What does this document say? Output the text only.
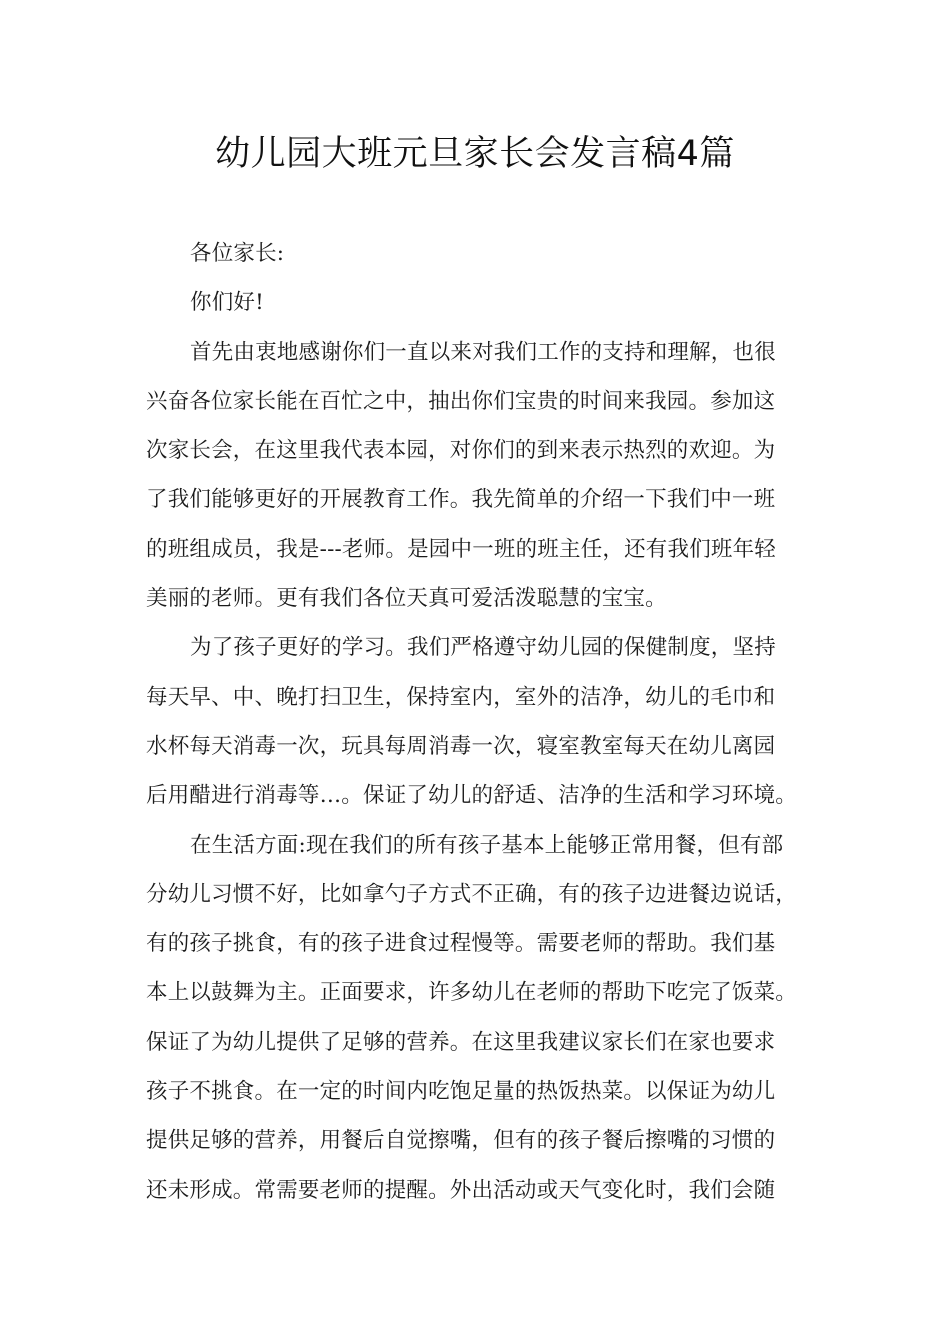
幼儿园大班元旦家长会发言稿4篇

各位家长:

你们好!

首先由衷地感谢你们一直以来对我们工作的支持和理解，也很
兴奋各位家长能在百忙之中，抽出你们宝贵的时间来我园。参加这
次家长会，在这里我代表本园，对你们的到来表示热烈的欢迎。为
了我们能够更好的开展教育工作。我先简单的介绍一下我们中一班
的班组成员，我是---老师。是园中一班的班主任，还有我们班年轻
美丽的老师。更有我们各位天真可爱活泼聪慧的宝宝。

为了孩子更好的学习。我们严格遵守幼儿园的保健制度，坚持
每天早、中、晚打扫卫生，保持室内，室外的洁净，幼儿的毛巾和
水杯每天消毒一次，玩具每周消毒一次，寝室教室每天在幼儿离园
后用醋进行消毒等…。保证了幼儿的舒适、洁净的生活和学习环境。

在生活方面:现在我们的所有孩子基本上能够正常用餐，但有部
分幼儿习惯不好，比如拿勺子方式不正确，有的孩子边进餐边说话，
有的孩子挑食，有的孩子进食过程慢等。需要老师的帮助。我们基
本上以鼓舞为主。正面要求，许多幼儿在老师的帮助下吃完了饭菜。
保证了为幼儿提供了足够的营养。在这里我建议家长们在家也要求
孩子不挑食。在一定的时间内吃饱足量的热饭热菜。以保证为幼儿
提供足够的营养，用餐后自觉擦嘴，但有的孩子餐后擦嘴的习惯的
还未形成。常需要老师的提醒。外出活动或天气变化时，我们会随
